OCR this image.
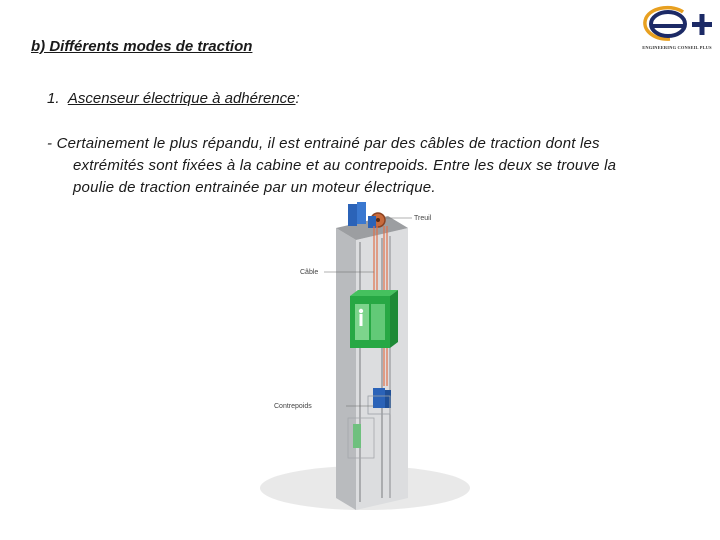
ENGINEERING CONSEIL PLUS
b) Différents modes de traction
1. Ascenseur électrique à adhérence:

- Certainement le plus répandu, il est entrainé par des câbles de traction dont les
extrémités sont fixées à la cabine et au contrepoids. Entre les deux se trouve la
poulie de traction entrainée par un moteur électrique.

Treuil
Câble
Contrepoids
